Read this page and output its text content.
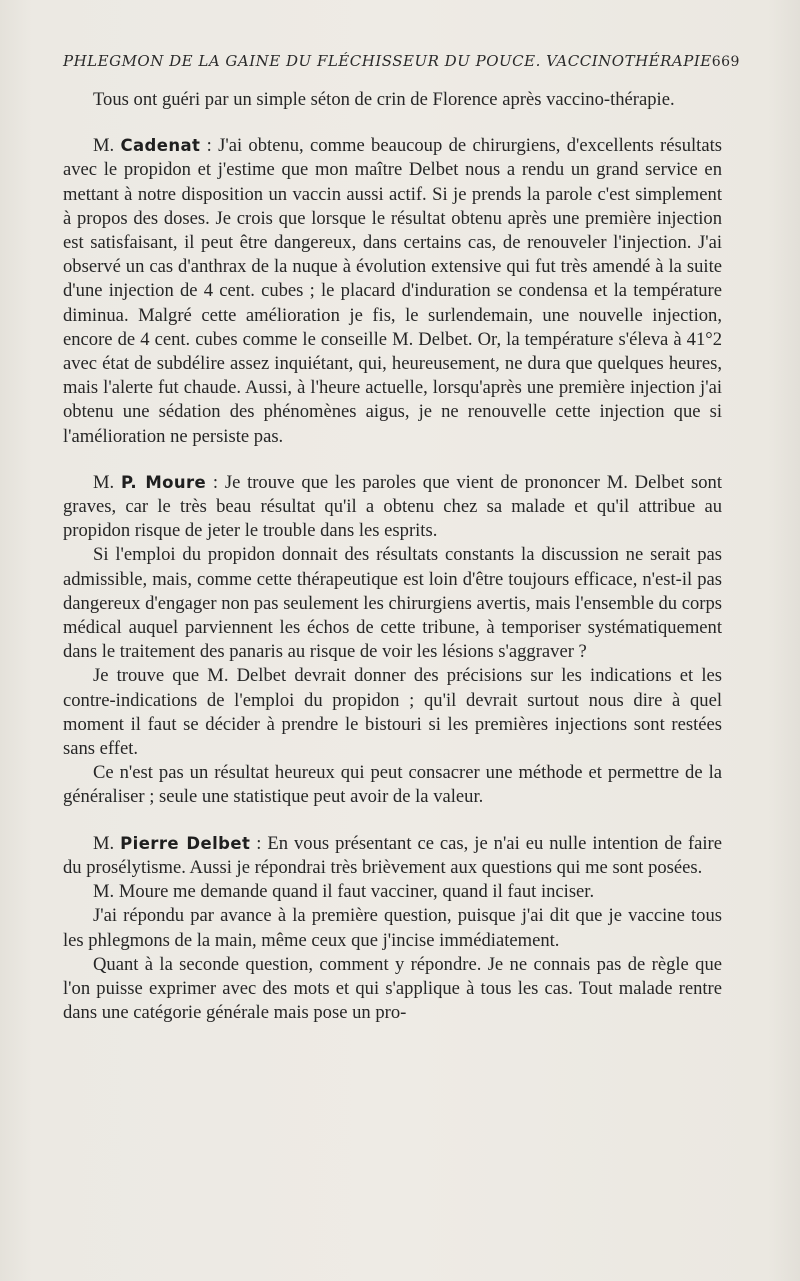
PHLEGMON DE LA GAINE DU FLÉCHISSEUR DU POUCE. VACCINOTHÉRAPIE 669

Tous ont guéri par un simple séton de crin de Florence après vaccino-thérapie.

M. Cadenat : J'ai obtenu, comme beaucoup de chirurgiens, d'excellents résultats avec le propidon et j'estime que mon maître Delbet nous a rendu un grand service en mettant à notre disposition un vaccin aussi actif. Si je prends la parole c'est simplement à propos des doses. Je crois que lorsque le résultat obtenu après une première injection est satisfaisant, il peut être dangereux, dans certains cas, de renouveler l'injection. J'ai observé un cas d'anthrax de la nuque à évolution extensive qui fut très amendé à la suite d'une injection de 4 cent. cubes ; le placard d'induration se condensa et la température diminua. Malgré cette amélioration je fis, le surlendemain, une nouvelle injection, encore de 4 cent. cubes comme le conseille M. Delbet. Or, la température s'éleva à 41°2 avec état de subdélire assez inquiétant, qui, heureusement, ne dura que quelques heures, mais l'alerte fut chaude. Aussi, à l'heure actuelle, lorsqu'après une première injection j'ai obtenu une sédation des phénomènes aigus, je ne renouvelle cette injection que si l'amélioration ne persiste pas.

M. P. Moure : Je trouve que les paroles que vient de prononcer M. Delbet sont graves, car le très beau résultat qu'il a obtenu chez sa malade et qu'il attribue au propidon risque de jeter le trouble dans les esprits.

Si l'emploi du propidon donnait des résultats constants la discussion ne serait pas admissible, mais, comme cette thérapeutique est loin d'être toujours efficace, n'est-il pas dangereux d'engager non pas seulement les chirurgiens avertis, mais l'ensemble du corps médical auquel parviennent les échos de cette tribune, à temporiser systématiquement dans le traitement des panaris au risque de voir les lésions s'aggraver ?

Je trouve que M. Delbet devrait donner des précisions sur les indications et les contre-indications de l'emploi du propidon ; qu'il devrait surtout nous dire à quel moment il faut se décider à prendre le bistouri si les premières injections sont restées sans effet.

Ce n'est pas un résultat heureux qui peut consacrer une méthode et permettre de la généraliser ; seule une statistique peut avoir de la valeur.

M. Pierre Delbet : En vous présentant ce cas, je n'ai eu nulle intention de faire du prosélytisme. Aussi je répondrai très brièvement aux questions qui me sont posées.

M. Moure me demande quand il faut vacciner, quand il faut inciser.

J'ai répondu par avance à la première question, puisque j'ai dit que je vaccine tous les phlegmons de la main, même ceux que j'incise immédiatement.

Quant à la seconde question, comment y répondre. Je ne connais pas de règle que l'on puisse exprimer avec des mots et qui s'applique à tous les cas. Tout malade rentre dans une catégorie générale mais pose un pro-
